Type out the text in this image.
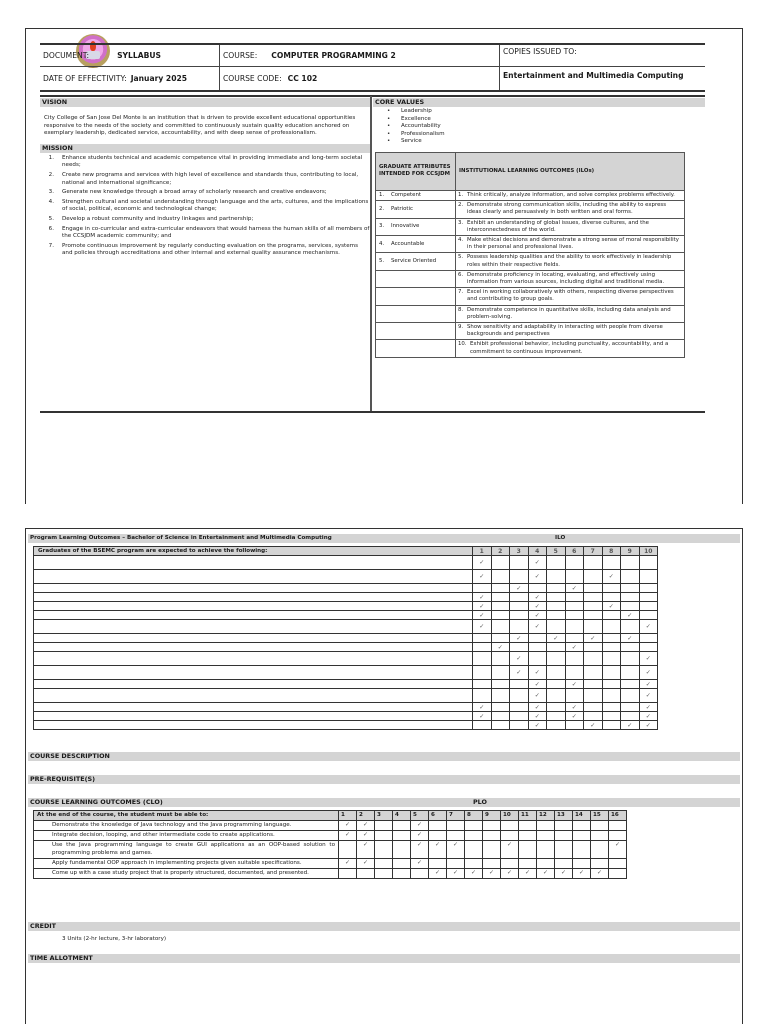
DOCUMENT:	SYLLABUS	COURSE: COMPUTER PROGRAMMING 2	COPIES ISSUED TO:
DATE OF EFFECTIVITY: January 2025	COURSE CODE: CC 102	Entertainment and Multimedia Computing
VISION
City College of San Jose Del Monte is an institution that is driven to provide excellent educational opportunities responsive to the needs of the society and committed to continuously sustain quality education anchored on exemplary leadership, dedicated service, accountability, and with deep sense of professionalism.
MISSION
1.	Enhance students technical and academic competence vital in providing immediate and long-term societal needs;
2.	Create new programs and services with high level of excellence and standards thus, contributing to local, national and international significance;
3.	Generate new knowledge through a broad array of scholarly research and creative endeavors;
4.	Strengthen cultural and societal understanding through language and the arts, cultures, and the implications of social, political, economic and technological change;
5.	Develop a robust community and industry linkages and partnership;
6.	Engage in co-curricular and extra-curricular endeavors that would harness the human skills of all members of the CCSJDM academic community; and
7.	Promote continuous improvement by regularly conducting evaluation on the programs, services, systems and policies through accreditations and other internal and external quality assurance mechanisms.
CORE VALUES
•	Leadership
•	Excellence
•	Accountability
•	Professionalism
•	Service
GRADUATE ATTRIBUTES INTENDED FOR CCSJDM	INSTITUTIONAL LEARNING OUTCOMES (ILOs)
1.    Competent	1. Think critically, analyze information, and solve complex problems effectively.

2.    Patriotic	2. Demonstrate strong communication skills, including the ability to express ideas clearly and persuasively in both written and oral forms.

3.    Innovative	3. Exhibit an understanding of global issues, diverse cultures, and the interconnectedness of the world.

4.    Accountable	4. Make ethical decisions and demonstrate a strong sense of moral responsibility in their personal and professional lives.

5.    Service Oriented	5. Possess leadership qualities and the ability to work effectively in leadership roles within their respective fields.

	6. Demonstrate proficiency in locating, evaluating, and effectively using information from various sources, including digital and traditional media.

	7. Excel in working collaboratively with others, respecting diverse perspectives and contributing to group goals.

	8. Demonstrate competence in quantitative skills, including data analysis and problem-solving.

	9. Show sensitivity and adaptability in interacting with people from diverse backgrounds and perspectives

	10. Exhibit professional behavior, including punctuality, accountability, and a commitment to continuous improvement.
Program Learning Outcomes – Bachelor of Science in Entertainment and Multimedia Computing	ILO
Graduates of the BSEMC program are expected to achieve the following:	1	2	3	4	5	6	7	8	9	10
	✓			✓						
	✓			✓				✓		
			✓			✓				
	✓			✓						
	✓			✓				✓		
	✓			✓					✓	
	✓			✓						✓
			✓		✓		✓		✓	
		✓				✓				
			✓							✓
			✓	✓						✓
				✓		✓				✓
				✓						✓
	✓			✓		✓				✓
	✓			✓		✓				✓
				✓			✓		✓	✓
COURSE DESCRIPTION
PRE-REQUISITE(S)
COURSE LEARNING OUTCOMES (CLO)	PLO
At the end of the course, the student must be able to:	1	2	3	4	5	6	7	8	9	10	11	12	13	14	15	16
Demonstrate the knowledge of Java technology and the Java programming language.	✓	✓			✓											
Integrate decision, looping, and other intermediate code to create applications.	✓	✓			✓											
Use the Java programming language to create GUI applications as an OOP-based solution to programming problems and games.		✓			✓	✓	✓			✓						✓
Apply fundamental OOP approach in implementing projects given suitable specifications.	✓	✓			✓											
Come up with a case study project that is properly structured, documented, and presented.						✓	✓	✓	✓	✓	✓	✓	✓	✓	✓	
CREDIT
3 Units (2-hr lecture, 3-hr laboratory)
TIME ALLOTMENT
